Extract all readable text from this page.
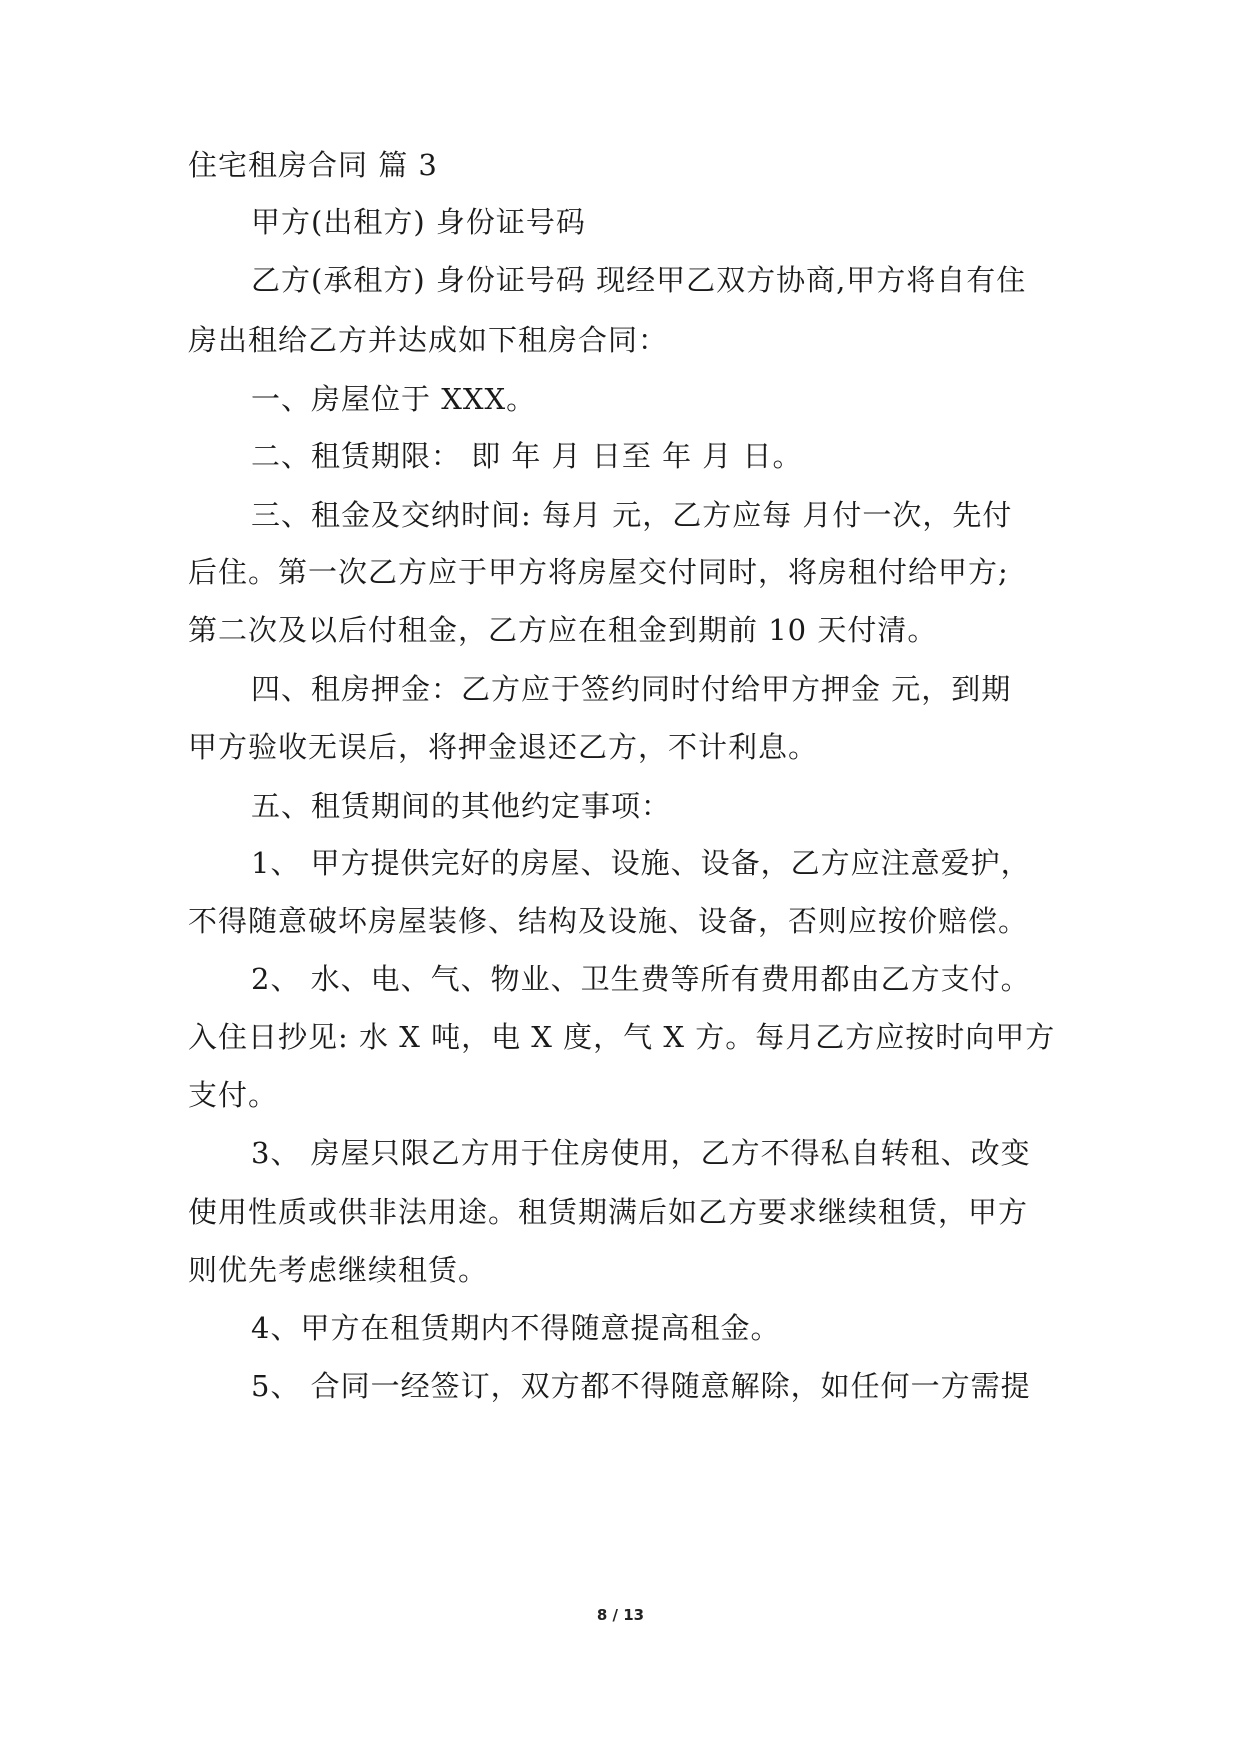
住宅租房合同 篇 3
甲方(出租方) 身份证号码
乙方(承租方) 身份证号码 现经甲乙双方协商,甲方将自有住
房出租给乙方并达成如下租房合同：
一、房屋位于 XXX。
二、租赁期限： 即 年 月 日至 年 月 日。
三、租金及交纳时间: 每月 元，乙方应每 月付一次，先付
后住。第一次乙方应于甲方将房屋交付同时，将房租付给甲方;
第二次及以后付租金，乙方应在租金到期前 10 天付清。
四、租房押金：乙方应于签约同时付给甲方押金 元，到期
甲方验收无误后，将押金退还乙方，不计利息。
五、租赁期间的其他约定事项：
1、 甲方提供完好的房屋、设施、设备，乙方应注意爱护，
不得随意破坏房屋装修、结构及设施、设备，否则应按价赔偿。
2、 水、电、气、物业、卫生费等所有费用都由乙方支付。
入住日抄见: 水 X 吨，电 X 度，气 X 方。每月乙方应按时向甲方
支付。
3、 房屋只限乙方用于住房使用，乙方不得私自转租、改变
使用性质或供非法用途。租赁期满后如乙方要求继续租赁，甲方
则优先考虑继续租赁。
4、甲方在租赁期内不得随意提高租金。
5、 合同一经签订，双方都不得随意解除，如任何一方需提
8 / 13
